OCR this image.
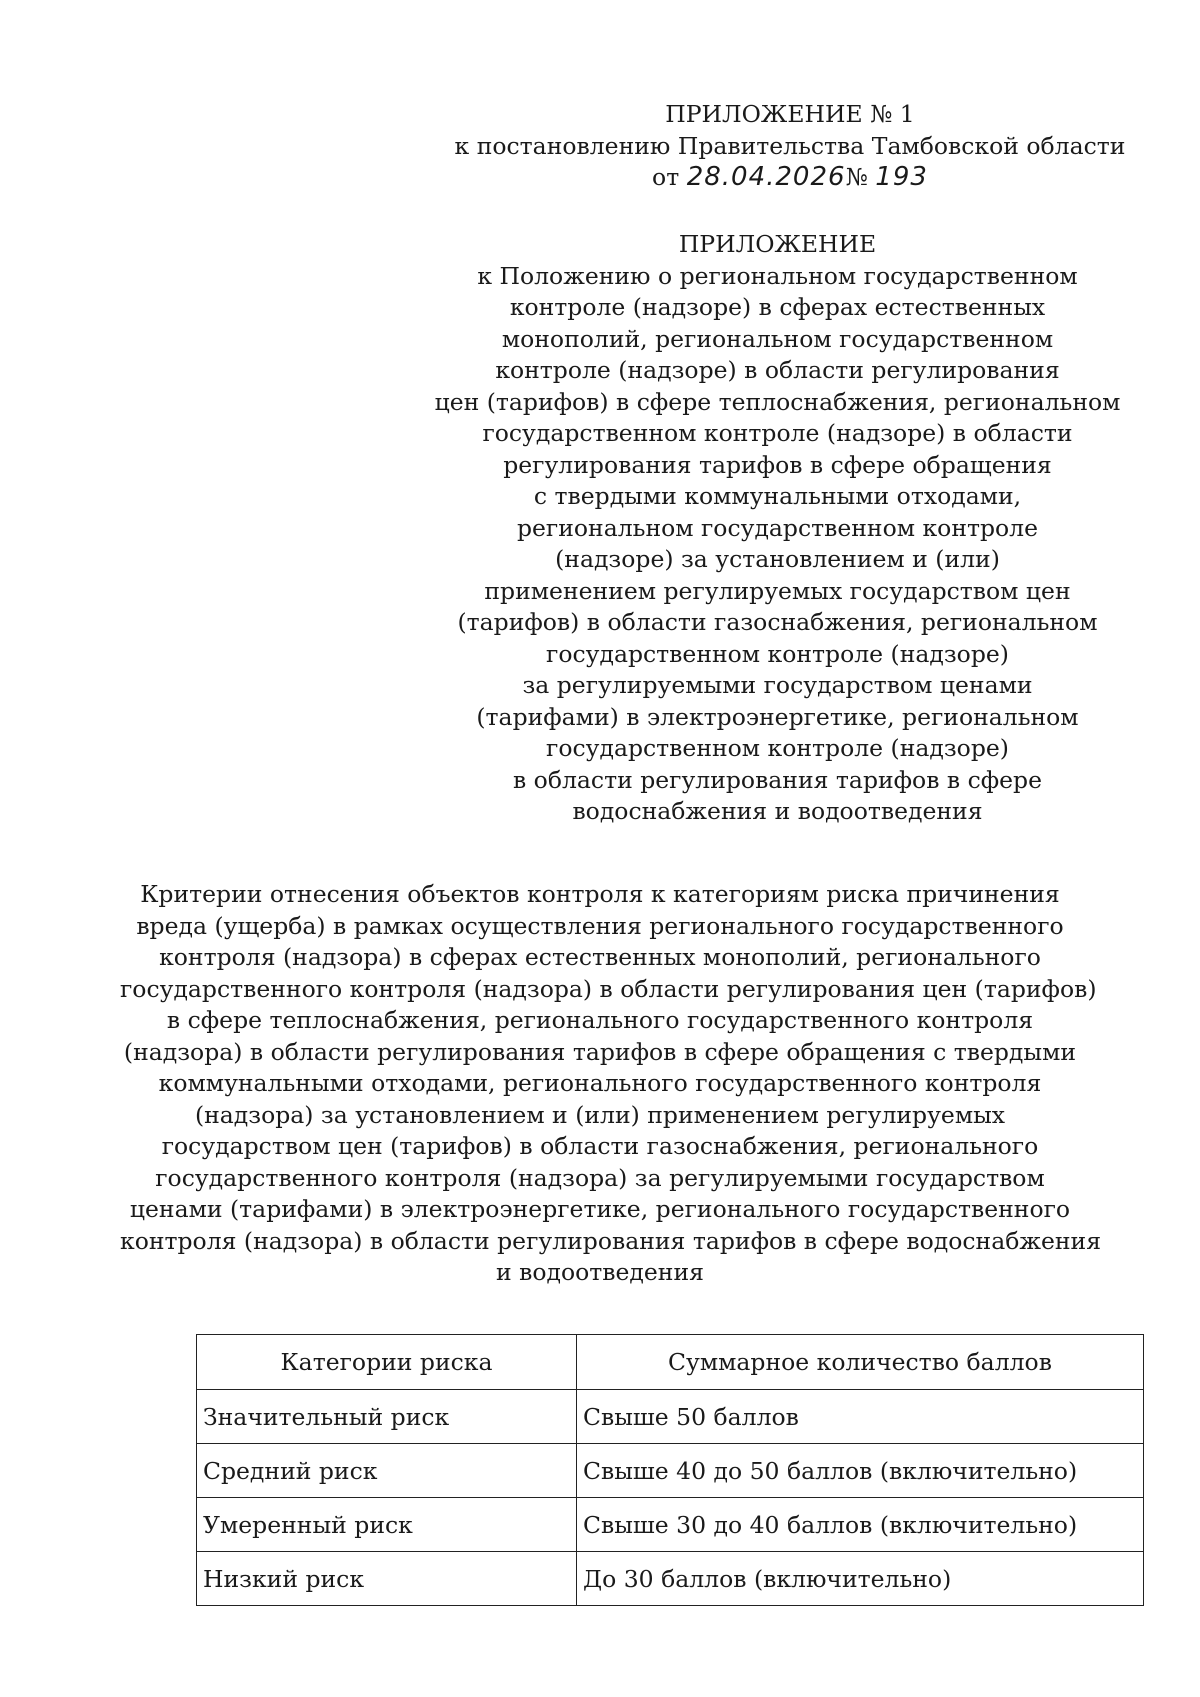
ПРИЛОЖЕНИЕ № 1
к постановлению Правительства Тамбовской области
от 28.04.2026№ 193
ПРИЛОЖЕНИЕ
к Положению о региональном государственном
контроле (надзоре) в сферах естественных
монополий, региональном государственном
контроле (надзоре) в области регулирования
цен (тарифов) в сфере теплоснабжения, региональном
государственном контроле (надзоре) в области
регулирования тарифов в сфере обращения
с твердыми коммунальными отходами,
региональном государственном контроле
(надзоре) за установлением и (или)
применением регулируемых государством цен
(тарифов) в области газоснабжения, региональном
государственном контроле (надзоре)
за регулируемыми государством ценами
(тарифами) в электроэнергетике, региональном
государственном контроле (надзоре)
в области регулирования тарифов в сфере
водоснабжения и водоотведения
Критерии отнесения объектов контроля к категориям риска причинения
вреда (ущерба) в рамках осуществления регионального государственного
контроля (надзора) в сферах естественных монополий, регионального
государственного контроля (надзора) в области регулирования цен (тарифов)
в сфере теплоснабжения, регионального государственного контроля
(надзора) в области регулирования тарифов в сфере обращения с твердыми
коммунальными отходами, регионального государственного контроля
(надзора) за установлением и (или) применением регулируемых
государством цен (тарифов) в области газоснабжения, регионального
государственного контроля (надзора) за регулируемыми государством
ценами (тарифами) в электроэнергетике, регионального государственного
контроля (надзора) в области регулирования тарифов в сфере водоснабжения
и водоотведения
Категории риска	Суммарное количество баллов
Значительный риск	Свыше 50 баллов
Средний риск	Свыше 40 до 50 баллов (включительно)
Умеренный риск	Свыше 30 до 40 баллов (включительно)
Низкий риск	До 30 баллов (включительно)
